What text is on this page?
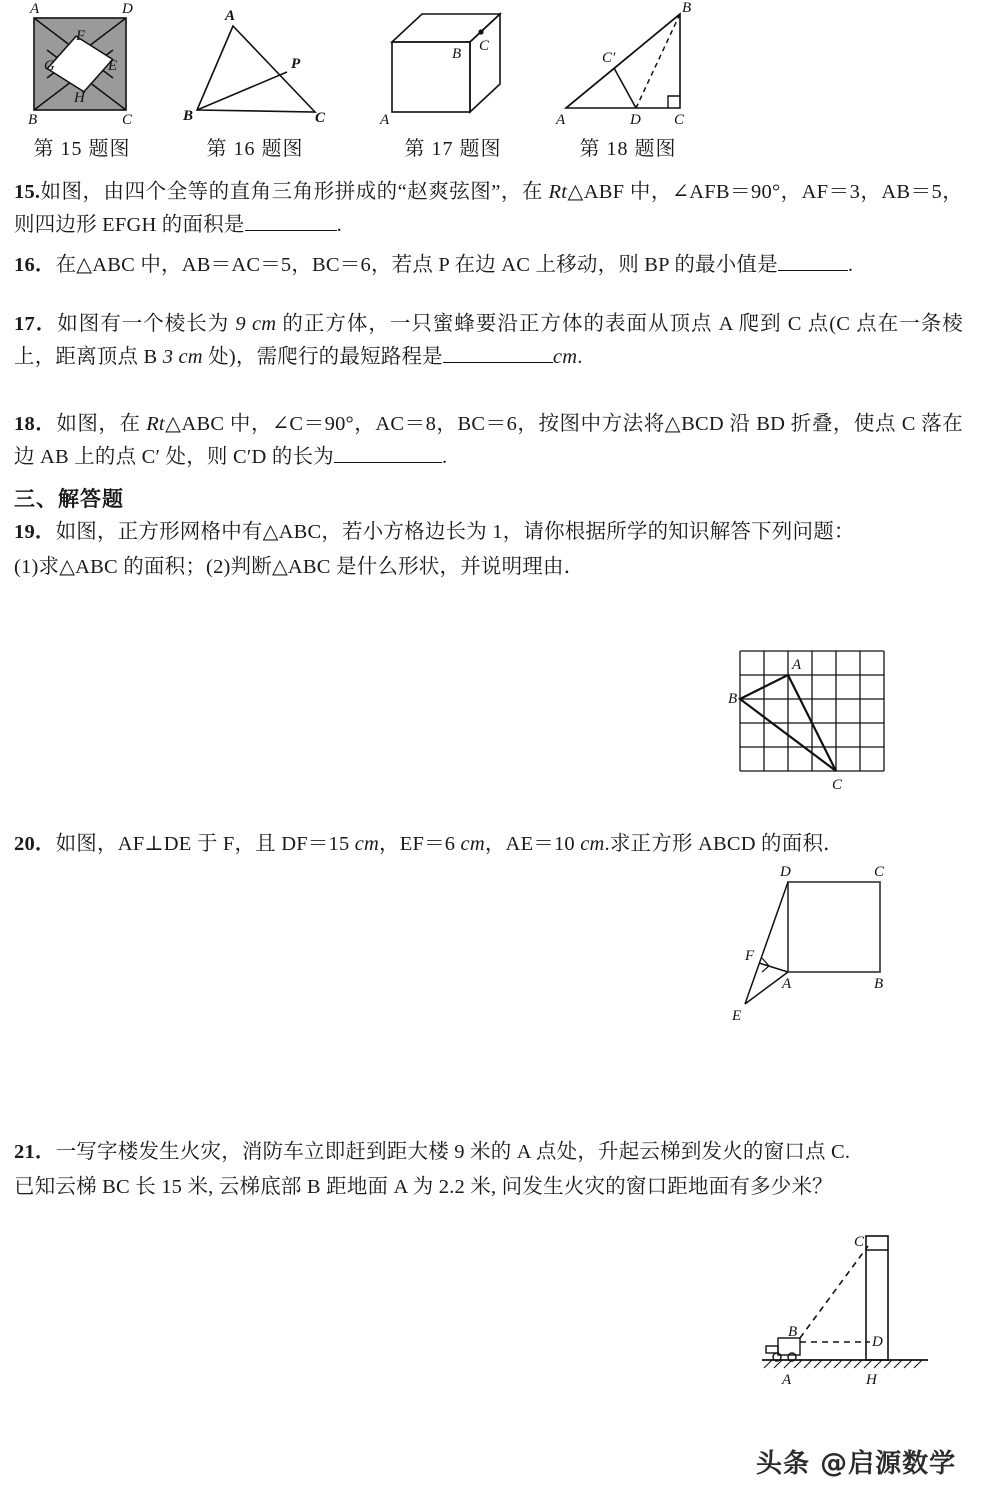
A	D
B	C
F
E
G
H
第 15 题图
A
B	C
P
第 16 题图
A
B C
第 17 题图
B
C′
A	D C
第 18 题图

15.如图，由四个全等的直角三角形拼成的“赵爽弦图”，在 Rt△ABF 中，∠AFB＝90°，AF＝3，AB＝5，则四边形 EFGH 的面积是	.

16．在△ABC 中，AB＝AC＝5，BC＝6，若点 P 在边 AC 上移动，则 BP 的最小值是	.

17．如图有一个棱长为 9 cm 的正方体，一只蜜蜂要沿正方体的表面从顶点 A 爬到 C 点(C 点在一条棱上，距离顶点 B 3 cm 处)，需爬行的最短路程是	cm.

18．如图，在 Rt△ABC 中，∠C＝90°，AC＝8，BC＝6，按图中方法将△BCD 沿 BD 折叠，使点 C 落在边 AB 上的点 C′ 处，则 C′D 的长为	.

三、解答题

19．如图，正方形网格中有△ABC，若小方格边长为 1，请你根据所学的知识解答下列问题：

(1)求△ABC 的面积；(2)判断△ABC 是什么形状，并说明理由．

A
B
C

20．如图，AF⊥DE 于 F，且 DF＝15 cm，EF＝6 cm，AE＝10 cm.求正方形 ABCD 的面积．

D	C
A	B
F
E

21．一写字楼发生火灾，消防车立即赶到距大楼 9 米的 A 点处，升起云梯到发火的窗口点 C.

已知云梯 BC 长 15 米, 云梯底部 B 距地面 A 为 2.2 米, 问发生火灾的窗口距地面有多少米？

B
C
D
A	H
头条 @启源数学
